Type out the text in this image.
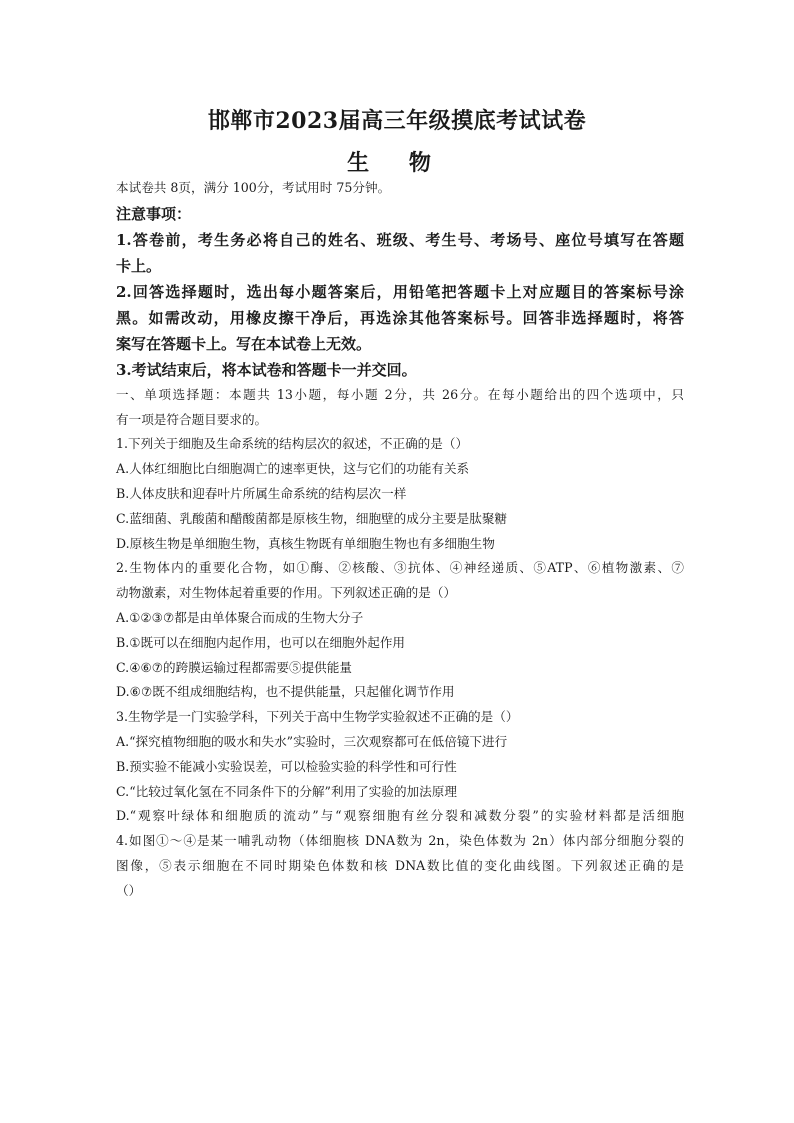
邯郸市2023届高三年级摸底考试试卷
生 物
本试卷共 8页，满分 100分，考试用时 75分钟。
注意事项：
1.答卷前，考生务必将自己的姓名、班级、考生号、考场号、座位号填写在答题
卡上。
2.回答选择题时，选出每小题答案后，用铅笔把答题卡上对应题目的答案标号涂
黑。如需改动，用橡皮擦干净后，再选涂其他答案标号。回答非选择题时，将答
案写在答题卡上。写在本试卷上无效。
3.考试结束后，将本试卷和答题卡一并交回。
一、单项选择题：本题共 13小题，每小题 2分，共 26分。在每小题给出的四个选项中，只
有一项是符合题目要求的。
1.下列关于细胞及生命系统的结构层次的叙述，不正确的是（）
A.人体红细胞比白细胞凋亡的速率更快，这与它们的功能有关系
B.人体皮肤和迎春叶片所属生命系统的结构层次一样
C.蓝细菌、乳酸菌和醋酸菌都是原核生物，细胞壁的成分主要是肽聚糖
D.原核生物是单细胞生物，真核生物既有单细胞生物也有多细胞生物
2.生物体内的重要化合物，如①酶、②核酸、③抗体、④神经递质、⑤ATP、⑥植物激素、⑦
动物激素，对生物体起着重要的作用。下列叙述正确的是（）
A.①②③⑦都是由单体聚合而成的生物大分子
B.①既可以在细胞内起作用，也可以在细胞外起作用
C.④⑥⑦的跨膜运输过程都需要⑤提供能量
D.⑥⑦既不组成细胞结构，也不提供能量，只起催化调节作用
3.生物学是一门实验学科，下列关于高中生物学实验叙述不正确的是（）
A.“探究植物细胞的吸水和失水”实验时，三次观察都可在低倍镜下进行
B.预实验不能减小实验误差，可以检验实验的科学性和可行性
C.“比较过氧化氢在不同条件下的分解”利用了实验的加法原理
D.“观察叶绿体和细胞质的流动”与“观察细胞有丝分裂和减数分裂”的实验材料都是活细胞
4.如图①～④是某一哺乳动物（体细胞核 DNA数为 2n，染色体数为 2n）体内部分细胞分裂的
图像，⑤表示细胞在不同时期染色体数和核 DNA数比值的变化曲线图。下列叙述正确的是
（）
